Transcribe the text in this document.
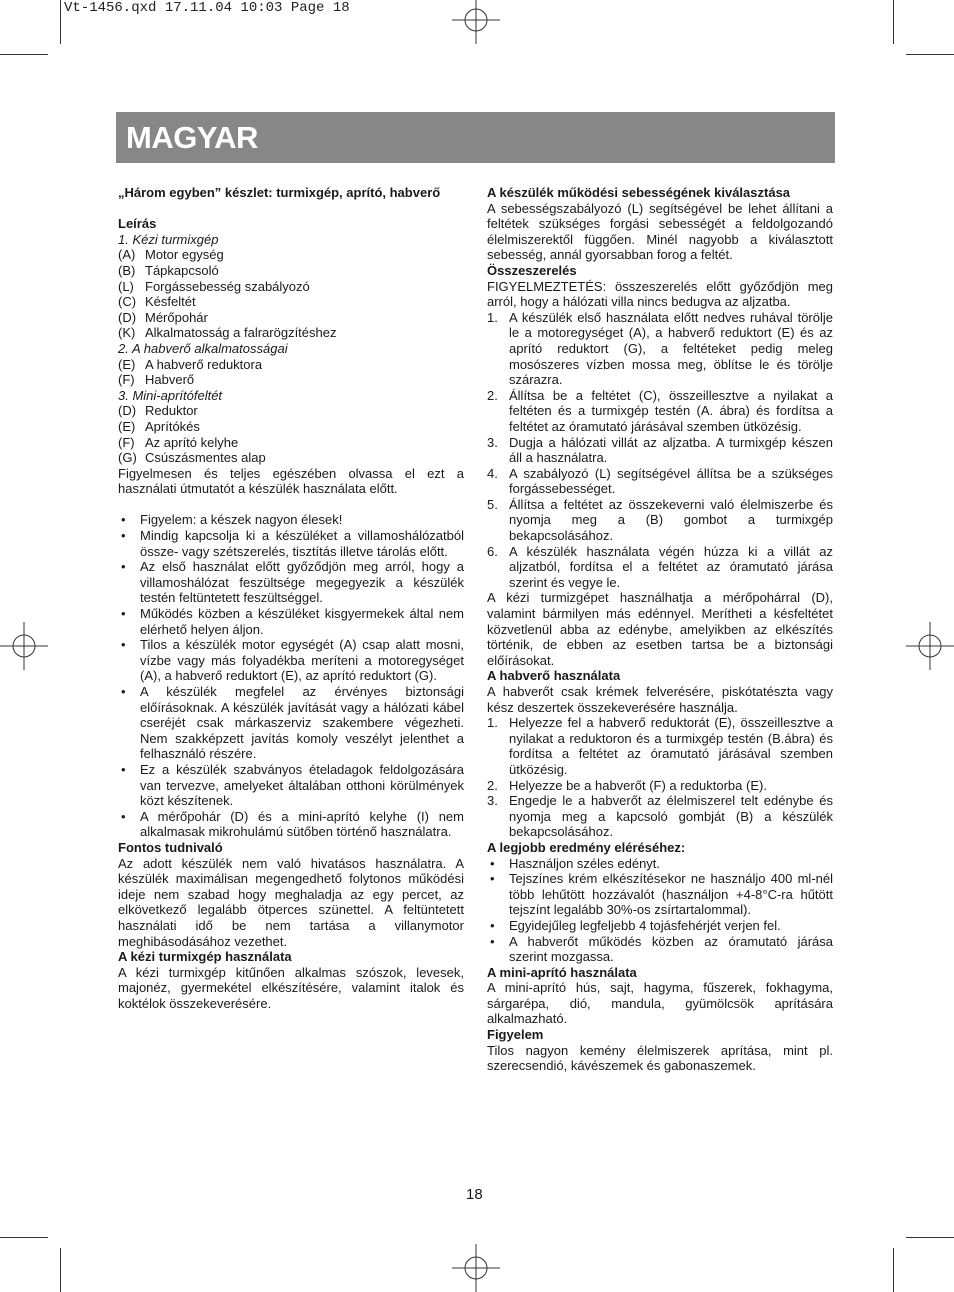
Vt-1456.qxd 17.11.04 10:03 Page 18
MAGYAR

„Három egyben” készlet: turmixgép, aprító, habverő

Leírás

1. Kézi turmixgép

(A) Motor egység
(B) Tápkapcsoló
(L) Forgássebesség szabályozó
(C) Késfeltét
(D) Mérőpohár
(K) Alkalmatosság a falrarögzítéshez

2. A habverő alkalmatosságai

(E) A habverő reduktora
(F) Habverő

3. Mini-aprítófeltét

(D) Reduktor
(E) Aprítókés
(F) Az aprító kelyhe
(G) Csúszásmentes alap

Figyelmesen és teljes egészében olvassa el ezt a használati útmutatót a készülék használata előtt.

•	Figyelem: a készek nagyon élesek!
•	Mindig kapcsolja ki a készüléket a villamoshálózatból össze- vagy szétszerelés, tisztítás illetve tárolás előtt.
•	Az első használat előtt győződjön meg arról, hogy a villamoshálózat feszültsége megegyezik a készülék testén feltüntetett feszültséggel.
•	Működés közben a készüléket kisgyermekek által nem elérhető helyen áljon.
•	Tilos a készülék motor egységét (A) csap alatt mosni, vízbe vagy más folyadékba meríteni a motoregységet (A), a habverő reduktort (E), az aprító reduktort (G).
•	A készülék megfelel az érvényes biztonsági előírásoknak. A készülék javítását vagy a hálózati kábel cseréjét csak márkaszerviz szakembere végezheti. Nem szakképzett javítás komoly veszélyt jelenthet a felhasználó részére.
•	Ez a készülék szabványos ételadagok feldolgozására van tervezve, amelyeket általában otthoni körülmények közt készítenek.
•	A mérőpohár (D) és a mini-aprító kelyhe (I) nem alkalmasak mikrohulámú sütőben történő használatra.

Fontos tudnivaló

Az adott készülék nem való hivatásos használatra. A készülék maximálisan megengedhető folytonos működési ideje nem szabad hogy meghaladja az egy percet, az elkövetkező legalább ötperces szünettel. A feltüntetett használati idő be nem tartása a villanymotor meghibásodásához vezethet.

A kézi turmixgép használata

A kézi turmixgép kitűnően alkalmas szószok, levesek, majonéz, gyermekétel elkészítésére, valamint italok és koktélok összekeverésére.

A készülék működési sebességének kiválasztása

A sebességszabályozó (L) segítségével be lehet állítani a feltétek szükséges forgási sebességét a feldolgozandó élelmiszerektől függően. Minél nagyobb a kiválasztott sebesség, annál gyorsabban forog a feltét.

Összeszerelés

FIGYELMEZTETÉS: összeszerelés előtt győződjön meg arról, hogy a hálózati villa nincs bedugva az aljzatba.

1. A készülék első használata előtt nedves ruhával törölje le a motoregységet (A), a habverő reduktort (E) és az aprító reduktort (G), a feltéteket pedig meleg mosószeres vízben mossa meg, öblítse le és törölje szárazra.
2. Állítsa be a feltétet (C), összeillesztve a nyilakat a feltéten és a turmixgép testén (A. ábra) és fordítsa a feltétet az óramutató járásával szemben ütközésig.
3. Dugja a hálózati villát az aljzatba. A turmixgép készen áll a használatra.
4. A szabályozó (L) segítségével állítsa be a szükséges forgássebességet.
5. Állítsa a feltétet az összekeverni való élelmiszerbe és nyomja meg a (B) gombot a turmixgép bekapcsolásához.
6. A készülék használata végén húzza ki a villát az aljzatból, fordítsa el a feltétet az óramutató járása szerint és vegye le.

A kézi turmizgépet használhatja a mérőpohárral (D), valamint bármilyen más edénnyel. Merítheti a késfeltétet közvetlenül abba az edénybe, amelyikben az elkészítés történik, de ebben az esetben tartsa be a biztonsági előírásokat.

A habverő használata

A habverőt csak krémek felverésére, piskótatészta vagy kész deszertek összekeverésére használja.

1. Helyezze fel a habverő reduktorát (E), összeillesztve a nyilakat a reduktoron és a turmixgép testén (B.ábra) és fordítsa a feltétet az óramutató járásával szemben ütközésig.
2. Helyezze be a habverőt (F) a reduktorba (E).
3. Engedje le a habverőt az élelmiszerel telt edénybe és nyomja meg a kapcsoló gombját (B) a készülék bekapcsolásához.

A legjobb eredmény eléréséhez:

•	Használjon széles edényt.
•	Tejszínes krém elkészítésekor ne használjo 400 ml-nél több lehűtött hozzávalót (használjon +4-8°C-ra hűtött tejszínt legalább 30%-os zsírtartalommal).
•	Egyidejűleg legfeljebb 4 tojásfehérjét verjen fel.
•	A habverőt működés közben az óramutató járása szerint mozgassa.

A mini-aprító használata

A mini-aprító hús, sajt, hagyma, fűszerek, fokhagyma, sárgarépa, dió, mandula, gyümölcsök aprítására alkalmazható.

Figyelem

Tilos nagyon kemény élelmiszerek aprítása, mint pl. szerecsendió, kávészemek és gabonaszemek.

18
